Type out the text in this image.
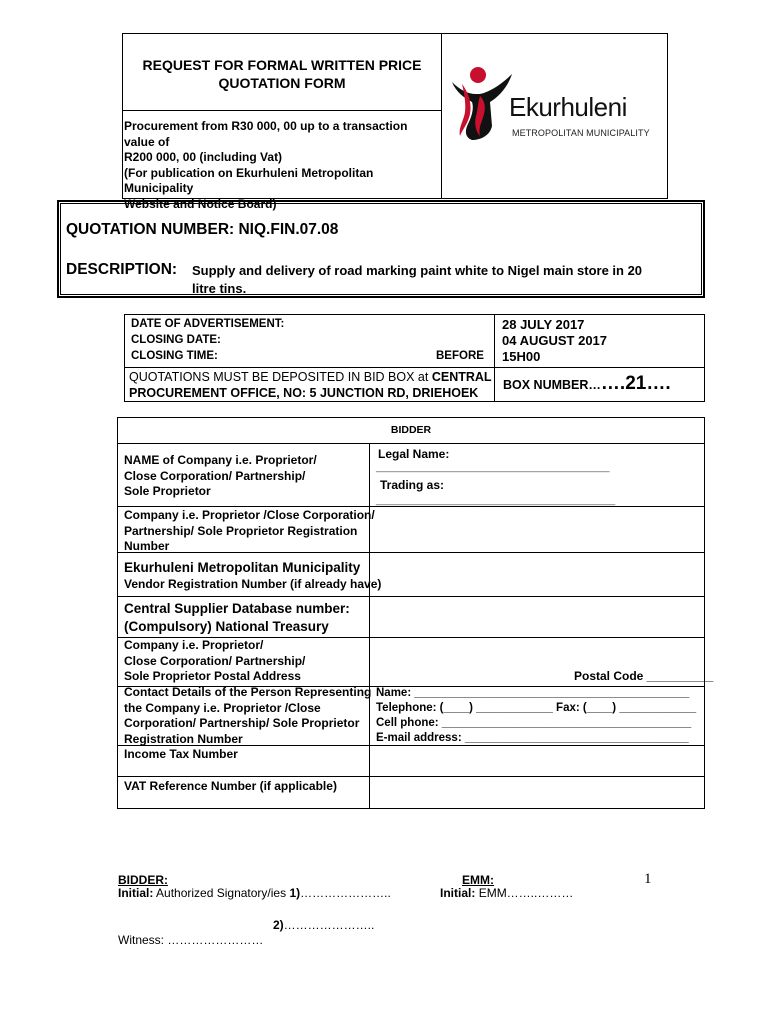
REQUEST FOR FORMAL WRITTEN PRICE
QUOTATION FORM
Procurement from R30 000, 00 up to a transaction value of
R200 000, 00 (including Vat)
(For publication on Ekurhuleni Metropolitan Municipality
Website and Notice Board)
Ekurhuleni
METROPOLITAN MUNICIPALITY
QUOTATION NUMBER: NIQ.FIN.07.08
DESCRIPTION: Supply and delivery of road marking paint white to Nigel main store in 20
litre tins.
DATE OF ADVERTISEMENT:
CLOSING DATE:
CLOSING TIME:	BEFORE
28 JULY 2017
04 AUGUST 2017
15H00
QUOTATIONS MUST BE DEPOSITED IN BID BOX at CENTRAL
PROCUREMENT OFFICE, NO: 5 JUNCTION RD, DRIEHOEK
BOX NUMBER…….21….
BIDDER
NAME of Company i.e. Proprietor/
Close Corporation/ Partnership/
Sole Proprietor
Company i.e. Proprietor /Close Corporation/
Partnership/ Sole Proprietor Registration
Number
Ekurhuleni Metropolitan Municipality
Vendor Registration Number (if already have)
Central Supplier Database number:
(Compulsory) National Treasury
Company i.e. Proprietor/
Close Corporation/ Partnership/
Sole Proprietor Postal Address
Contact Details of the Person Representing
the Company i.e. Proprietor /Close
Corporation/ Partnership/ Sole Proprietor
Registration Number
Income Tax Number
VAT Reference Number (if applicable)
Legal Name:
__________________________________________
Trading as:
___________________________________________
Postal Code __________
Name: ___________________________________________
Telephone: (____) ____________ Fax: (____) ____________
Cell phone: _______________________________________
E-mail address: ___________________________________
BIDDER:
Initial: Authorized Signatory/ies 1)…………………..
2)…………………..
Witness: ……………………
EMM:
Initial: EMM……..………
1
